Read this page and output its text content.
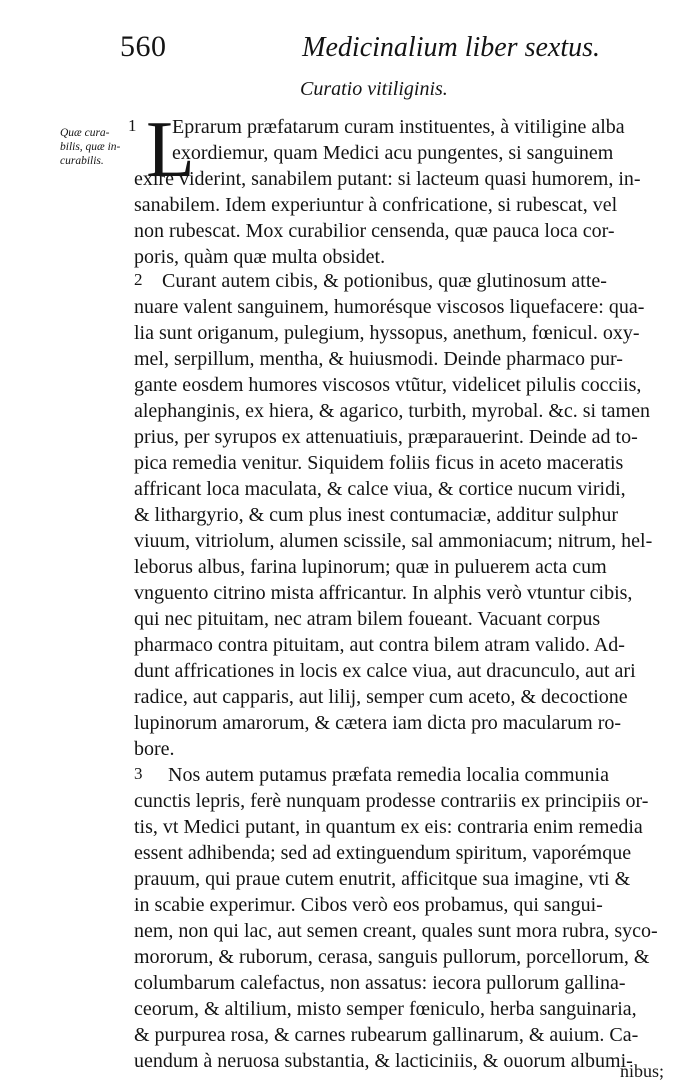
560	Medicinalium liber sextus.
Curatio vitiliginis.
Quæ cura-
bilis, quæ in-
curabilis.
1 L
Eprarum præfatarum curam instituentes, à vitiligine alba
exordiemur, quam Medici acu pungentes, si sanguinem
exire viderint, sanabilem putant: si lacteum quasi humorem, in-
sanabilem. Idem experiuntur à confricatione, si rubescat, vel
non rubescat. Mox curabilior censenda, quæ pauca loca cor-
poris, quàm quæ multa obsidet.
2 Curant autem cibis, & potionibus, quæ glutinosum atte-
nuare valent sanguinem, humorésque viscosos liquefacere: qua-
lia sunt origanum, pulegium, hyssopus, anethum, fœnicul. oxy-
mel, serpillum, mentha, & huiusmodi. Deinde pharmaco pur-
gante eosdem humores viscosos vtũtur, videlicet pilulis cocciis,
alephanginis, ex hiera, & agarico, turbith, myrobal. &c. si tamen
prius, per syrupos ex attenuatiuis, præparauerint. Deinde ad to-
pica remedia venitur. Siquidem foliis ficus in aceto maceratis
affricant loca maculata, & calce viua, & cortice nucum viridi,
& lithargyrio, & cum plus inest contumaciæ, additur sulphur
viuum, vitriolum, alumen scissile, sal ammoniacum; nitrum, hel-
leborus albus, farina lupinorum; quæ in puluerem acta cum
vnguento citrino mista affricantur. In alphis verò vtuntur cibis,
qui nec pituitam, nec atram bilem foueant. Vacuant corpus
pharmaco contra pituitam, aut contra bilem atram valido. Ad-
dunt affricationes in locis ex calce viua, aut dracunculo, aut ari
radice, aut capparis, aut lilij, semper cum aceto, & decoctione
lupinorum amarorum, & cætera iam dicta pro macularum ro-
bore.
3 Nos autem putamus præfata remedia localia communia
cunctis lepris, ferè nunquam prodesse contrariis ex principiis or-
tis, vt Medici putant, in quantum ex eis: contraria enim remedia
essent adhibenda; sed ad extinguendum spiritum, vaporémque
prauum, qui praue cutem enutrit, afficitque sua imagine, vti &
in scabie experimur. Cibos verò eos probamus, qui sangui-
nem, non qui lac, aut semen creant, quales sunt mora rubra, syco-
mororum, & ruborum, cerasa, sanguis pullorum, porcellorum, &
columbarum calefactus, non assatus: iecora pullorum gallina-
ceorum, & altilium, misto semper fœniculo, herba sanguinaria,
& purpurea rosa, & carnes rubearum gallinarum, & auium. Ca-
uendum à neruosa substantia, & lacticiniis, & ouorum albumi-
nibus;
